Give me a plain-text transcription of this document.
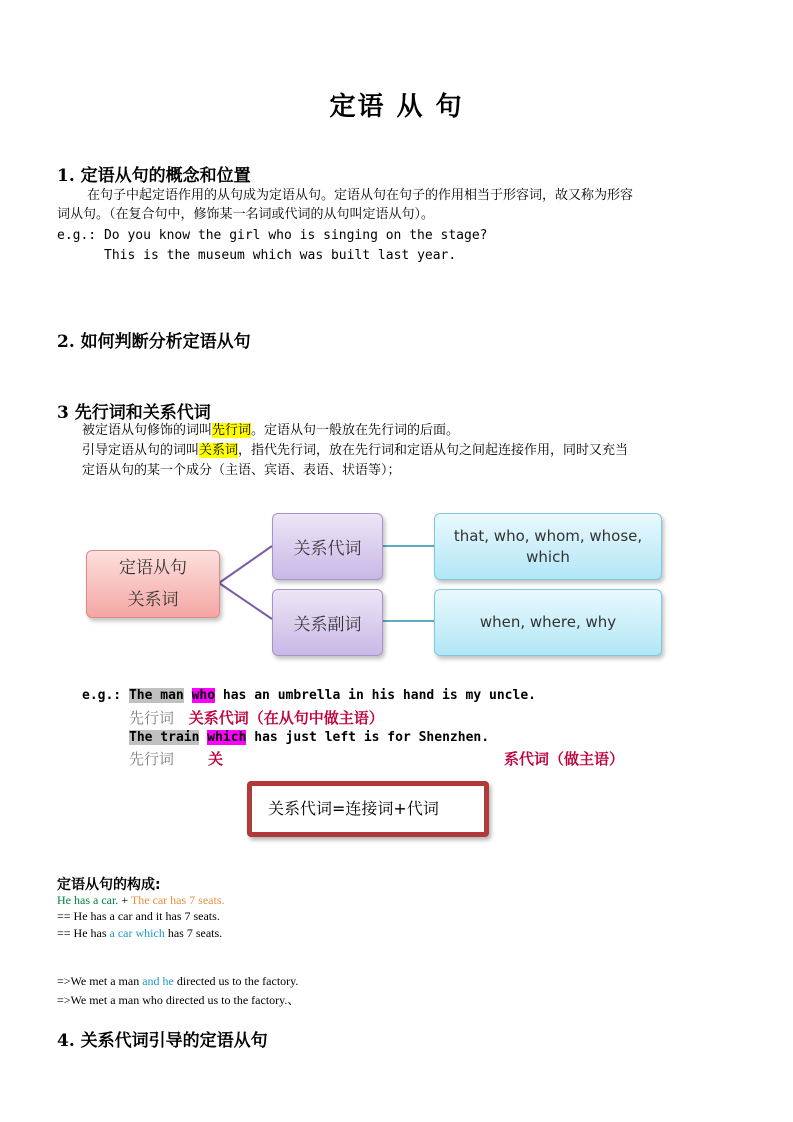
定语 从 句
1. 定语从句的概念和位置
在句子中起定语作用的从句成为定语从句。定语从句在句子的作用相当于形容词，故又称为形容
词从句。（在复合句中，修饰某一名词或代词的从句叫定语从句）。
e.g.: Do you know the girl who is singing on the stage?
This is the museum which was built last year.
2. 如何判断分析定语从句
3 先行词和关系代词
被定语从句修饰的词叫先行词。定语从句一般放在先行词的后面。
引导定语从句的词叫关系词，指代先行词，放在先行词和定语从句之间起连接作用，同时又充当
定语从句的某一个成分（主语、宾语、表语、状语等）；
定语从句
关系词
关系代词
关系副词
that, who, whom, whose,
which
when, where, why
e.g.: The man who has an umbrella in his hand is my uncle.
先行词 关系代词（在从句中做主语）
The train which has just left is for Shenzhen.
先行词 关	系代词（做主语）
关系代词=连接词+代词
定语从句的构成:
He has a car. + The car has 7 seats.
== He has a car and it has 7 seats.
== He has a car which has 7 seats.
=>We met a man and he directed us to the factory.
=>We met a man who directed us to the factory.、
4. 关系代词引导的定语从句
